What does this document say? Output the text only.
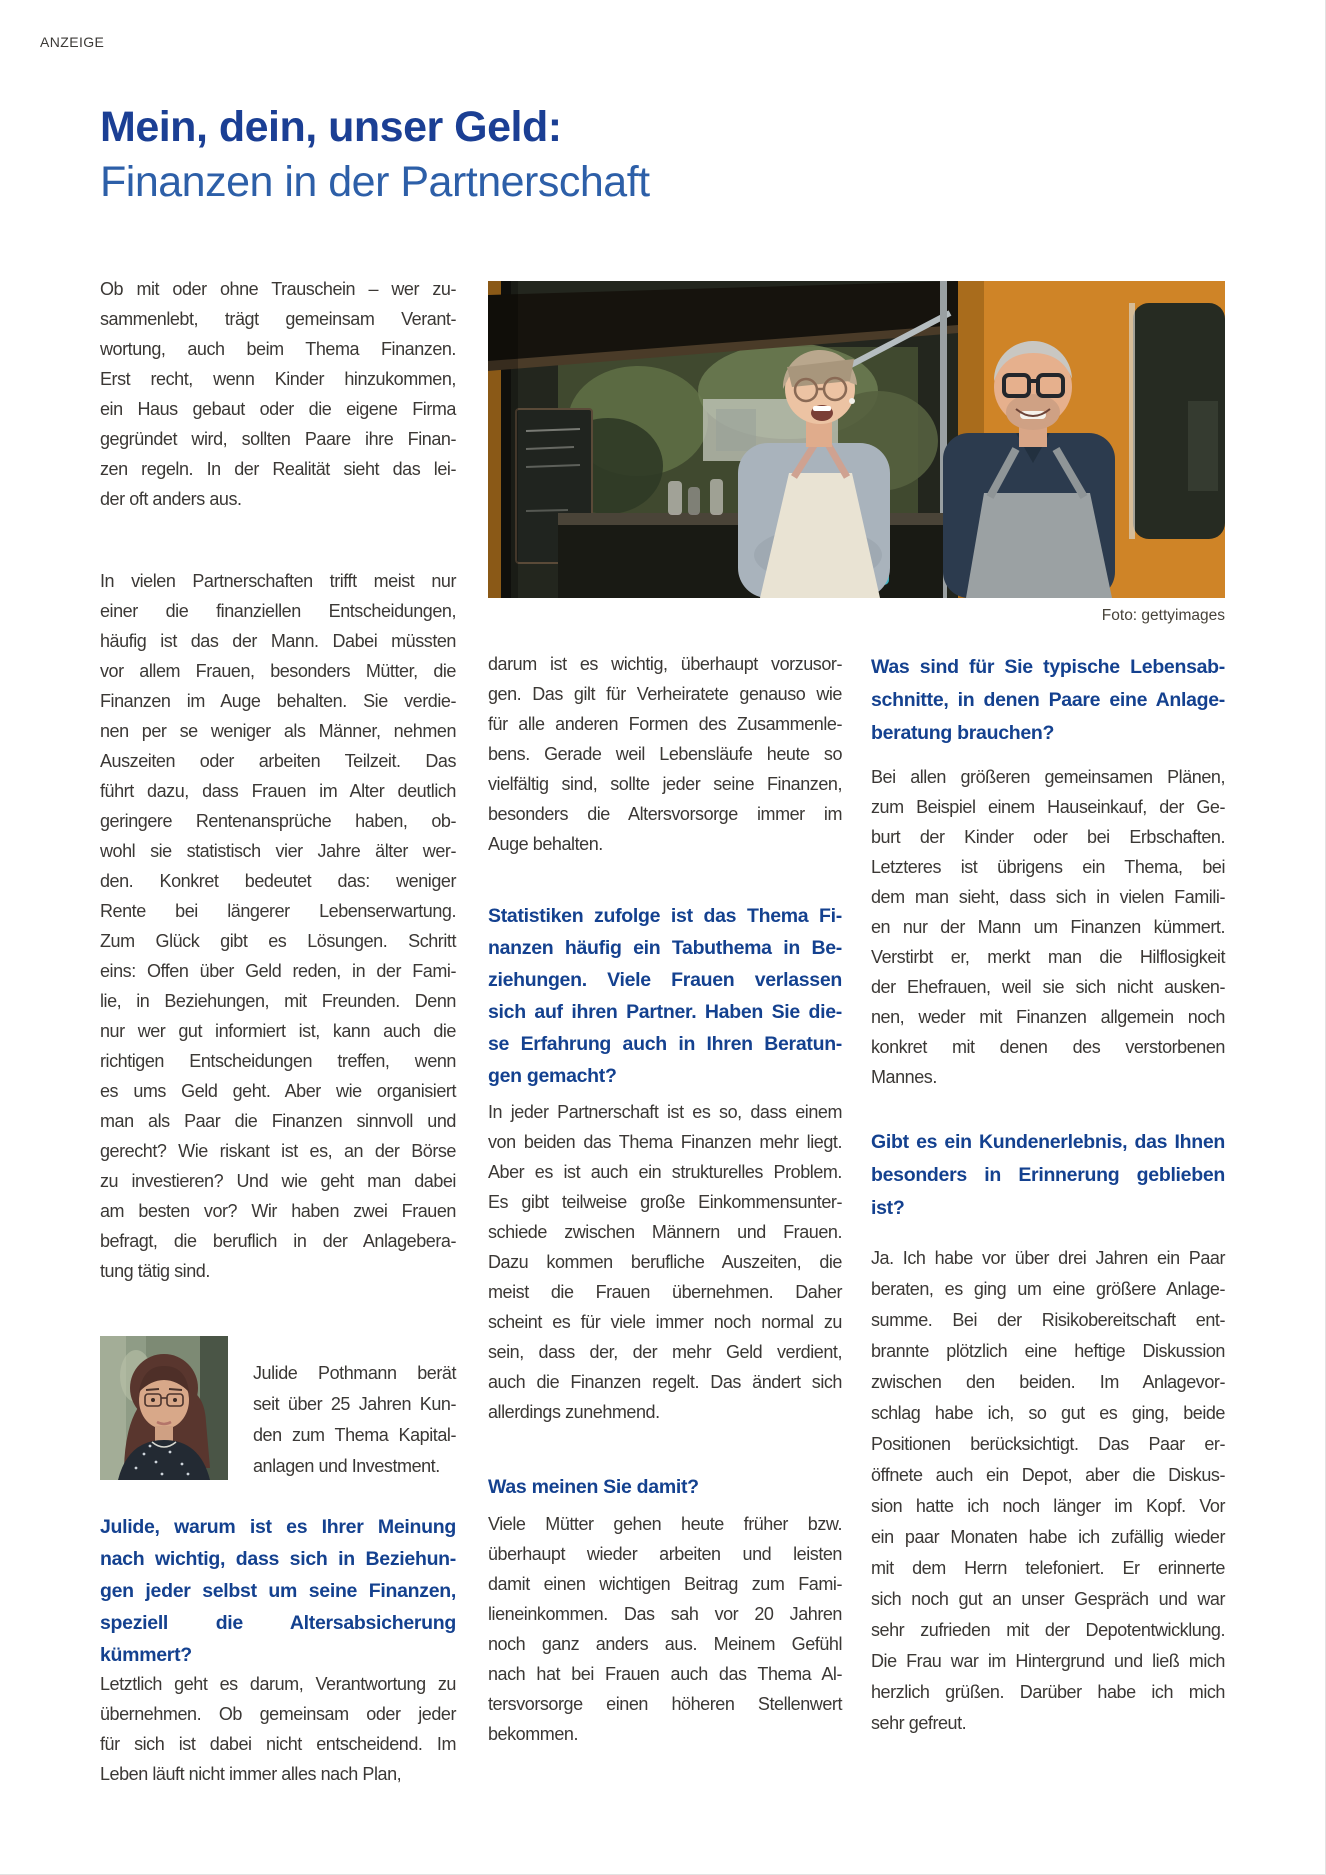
ANZEIGE
Mein, dein, unser Geld:
Finanzen in der Partnerschaft
Foto: gettyimages
Ob mit oder ohne Trauschein – wer zu-
sammenlebt, trägt gemeinsam Verant-
wortung, auch beim Thema Finanzen.
Erst recht, wenn Kinder hinzukommen,
ein Haus gebaut oder die eigene Firma
gegründet wird, sollten Paare ihre Finan-
zen regeln. In der Realität sieht das lei-
der oft anders aus.
In vielen Partnerschaften trifft meist nur
einer die finanziellen Entscheidungen,
häufig ist das der Mann. Dabei müssten
vor allem Frauen, besonders Mütter, die
Finanzen im Auge behalten. Sie verdie-
nen per se weniger als Männer, nehmen
Auszeiten oder arbeiten Teilzeit. Das
führt dazu, dass Frauen im Alter deutlich
geringere Rentenansprüche haben, ob-
wohl sie statistisch vier Jahre älter wer-
den. Konkret bedeutet das: weniger
Rente bei längerer Lebenserwartung.
Zum Glück gibt es Lösungen. Schritt
eins: Offen über Geld reden, in der Fami-
lie, in Beziehungen, mit Freunden. Denn
nur wer gut informiert ist, kann auch die
richtigen Entscheidungen treffen, wenn
es ums Geld geht. Aber wie organisiert
man als Paar die Finanzen sinnvoll und
gerecht? Wie riskant ist es, an der Börse
zu investieren? Und wie geht man dabei
am besten vor? Wir haben zwei Frauen
befragt, die beruflich in der Anlagebera-
tung tätig sind.
Julide Pothmann berät
seit über 25 Jahren Kun-
den zum Thema Kapital-
anlagen und Investment.
Julide, warum ist es Ihrer Meinung
nach wichtig, dass sich in Beziehun-
gen jeder selbst um seine Finanzen,
speziell die Altersabsicherung
kümmert?
Letztlich geht es darum, Verantwortung zu
übernehmen. Ob gemeinsam oder jeder
für sich ist dabei nicht entscheidend. Im
Leben läuft nicht immer alles nach Plan,
darum ist es wichtig, überhaupt vorzusor-
gen. Das gilt für Verheiratete genauso wie
für alle anderen Formen des Zusammenle-
bens. Gerade weil Lebensläufe heute so
vielfältig sind, sollte jeder seine Finanzen,
besonders die Altersvorsorge immer im
Auge behalten.
Statistiken zufolge ist das Thema Fi-
nanzen häufig ein Tabuthema in Be-
ziehungen. Viele Frauen verlassen
sich auf ihren Partner. Haben Sie die-
se Erfahrung auch in Ihren Beratun-
gen gemacht?
In jeder Partnerschaft ist es so, dass einem
von beiden das Thema Finanzen mehr liegt.
Aber es ist auch ein strukturelles Problem.
Es gibt teilweise große Einkommensunter-
schiede zwischen Männern und Frauen.
Dazu kommen berufliche Auszeiten, die
meist die Frauen übernehmen. Daher
scheint es für viele immer noch normal zu
sein, dass der, der mehr Geld verdient,
auch die Finanzen regelt. Das ändert sich
allerdings zunehmend.
Was meinen Sie damit?
Viele Mütter gehen heute früher bzw.
überhaupt wieder arbeiten und leisten
damit einen wichtigen Beitrag zum Fami-
lieneinkommen. Das sah vor 20 Jahren
noch ganz anders aus. Meinem Gefühl
nach hat bei Frauen auch das Thema Al-
tersvorsorge einen höheren Stellenwert
bekommen.
Was sind für Sie typische Lebensab-
schnitte, in denen Paare eine Anlage-
beratung brauchen?
Bei allen größeren gemeinsamen Plänen,
zum Beispiel einem Hauseinkauf, der Ge-
burt der Kinder oder bei Erbschaften.
Letzteres ist übrigens ein Thema, bei
dem man sieht, dass sich in vielen Famili-
en nur der Mann um Finanzen kümmert.
Verstirbt er, merkt man die Hilflosigkeit
der Ehefrauen, weil sie sich nicht ausken-
nen, weder mit Finanzen allgemein noch
konkret mit denen des verstorbenen
Mannes.
Gibt es ein Kundenerlebnis, das Ihnen
besonders in Erinnerung geblieben
ist?
Ja. Ich habe vor über drei Jahren ein Paar
beraten, es ging um eine größere Anlage-
summe. Bei der Risikobereitschaft ent-
brannte plötzlich eine heftige Diskussion
zwischen den beiden. Im Anlagevor-
schlag habe ich, so gut es ging, beide
Positionen berücksichtigt. Das Paar er-
öffnete auch ein Depot, aber die Diskus-
sion hatte ich noch länger im Kopf. Vor
ein paar Monaten habe ich zufällig wieder
mit dem Herrn telefoniert. Er erinnerte
sich noch gut an unser Gespräch und war
sehr zufrieden mit der Depotentwicklung.
Die Frau war im Hintergrund und ließ mich
herzlich grüßen. Darüber habe ich mich
sehr gefreut.
